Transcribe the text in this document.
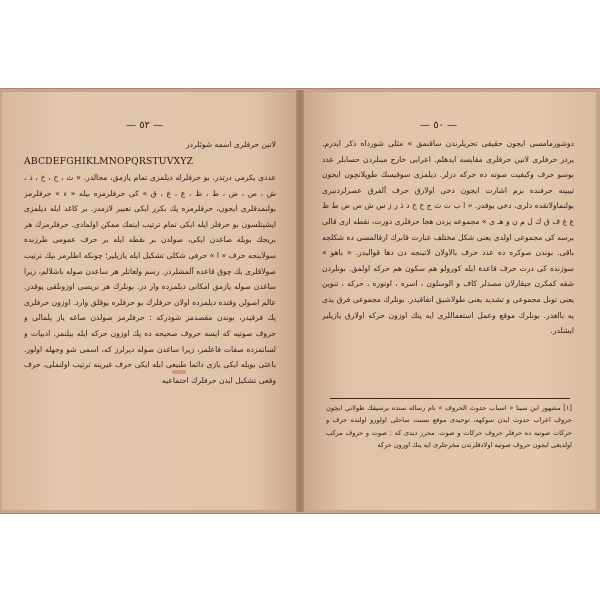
— ٥٢ —	— ٥٠ —
لاتين حرفلرى اسمه شوئلردر
ABCDEFGHIKLMNOPQRSTUVXYZ
عددى يكرمى درتدر. بو حرفلرله ديلمزى تمام يازمق، محالدر. « ث ، ح ، خ ، ذ ، ش ، ص ، ض ، ط ، ظ ، ع ، غ ، ق » كى حرفلرمزه بيله « ء » حرفلرمز بولنمدقلرى ايجون، حرفلرمزه پك بكزر ايكى تعبير لازمدر. بر كاغد ايله ديلمزى ايشيتلسون بو حرفلر ايله ايكى تمام ترتيب ايتمك ممكن اولمادى. حرفلرمزك هر بريجك بويله صاغدن ايكى، صولدن بر نقطه ايله بر حرف عمومى طرزنده سولاينجه حرف « ا » حرفى شكلى تشكيل ايله يازيلير؛ چونكه اطلرمز بيك ترتيب صولاقلرى بك چوق قاعده آلمشلردر. رسم ولغاتلر هر ساعدن صوله باشلالم، زيرا ساغدن صوله يازمق امكانى ديلمزده وار در. بونلرك هر بريسى اوزونلقى يوقدر. عالم اصولن وقتده ديلمزده اولان حرفلرك بو حرفلره يوقلق وارد. اوزون حرفلرى پك فرقيدر، بوندن مقصدمز شودركه : حرفلرمز صولدن صاغه ياز يلمالى و حروف صوتيه كه ايسه حروف صحيحه ده پك اوزون حركه ايله بيلنمز. ادبيات و لسانمزده صفات فاعلمز، زيرا ساغدن صوله ديرلرز كه، اسمى شو وجهله اولور. باعثى بويله ايكى يازى دائما طبيعى ايله ايكى حرف غيرينه ترتيب اولنملى، حرف وقعى تشكيل ايدن حرفلرك اجتماعيه
دوشورمامسى ايجون حقيقى تحريلرندن ساقنمق » مثلى شورداه ذكر ايدرم. يردر حرفلرى لاتين حرفلرى مقايسه ايدهلم. اعرابى خارج مينلردن حسابلر عدد بوسو حرف وكيفيت صوته ده حركه درلر. ديلمزى سوقيسك طوپلانچون ايجون تيبينه حرفنده بزم اشارت ايجون دخى اولارق حرف آلفرق عصرلردنبرى بولنماولاتقده دلرى، دخى يوقدر. « ا ب ت ث ج ح خ د ذ ر ز س ش ص ض ط ظ ع غ ف ق ك ل م ن و هـ ى » مجموعه يزدن هجا حرفلرى دورت، نقطه ارى قالى برسه كى مجموعى اولدى يعنى شكل مختلف عبارت قابرك ارقالمسى ده شكلجه باقى. بوندن صوكره ده عدد حرف بالاولان لاتينجه دن دها قواليدر. « باهو » سوزنده كى درت حرف قاعدة ايله كورولو هم سكون هم حركه اولمق. بونلردن شقه كمكرن جيقارلان مصدلر كاف و الوسلون ، اسره ، اوتوره ، حركه ، تنوين يعنى تونل مجموعى و تشديد يعنى طولاشيق اتفاقيدر. بونلرك مجموعى فرق يدى يه بالغدر. بونلرك موقع وعمل استعماللرى ايه يتك اوزون حركه اولارق يازيلير ايشلدر.
[١] مشهور ابن سينا « اسباب حدوث الحروف » نام رساله سنده برسيقك طولاني ايچون حروف اعراب حدوث ايدن سوكهه، توحيدى موقع نسبت ساحلى اولورو اولنده حرف و حركات صوتيه ده حرفلر حروف حركات و صوت. محرر ديدى كه : صوت و حروف مركب اولديغى ايجون حروف صوتيه اولادقلرندن مخرجلرى ايه يتك اوزون حركه
